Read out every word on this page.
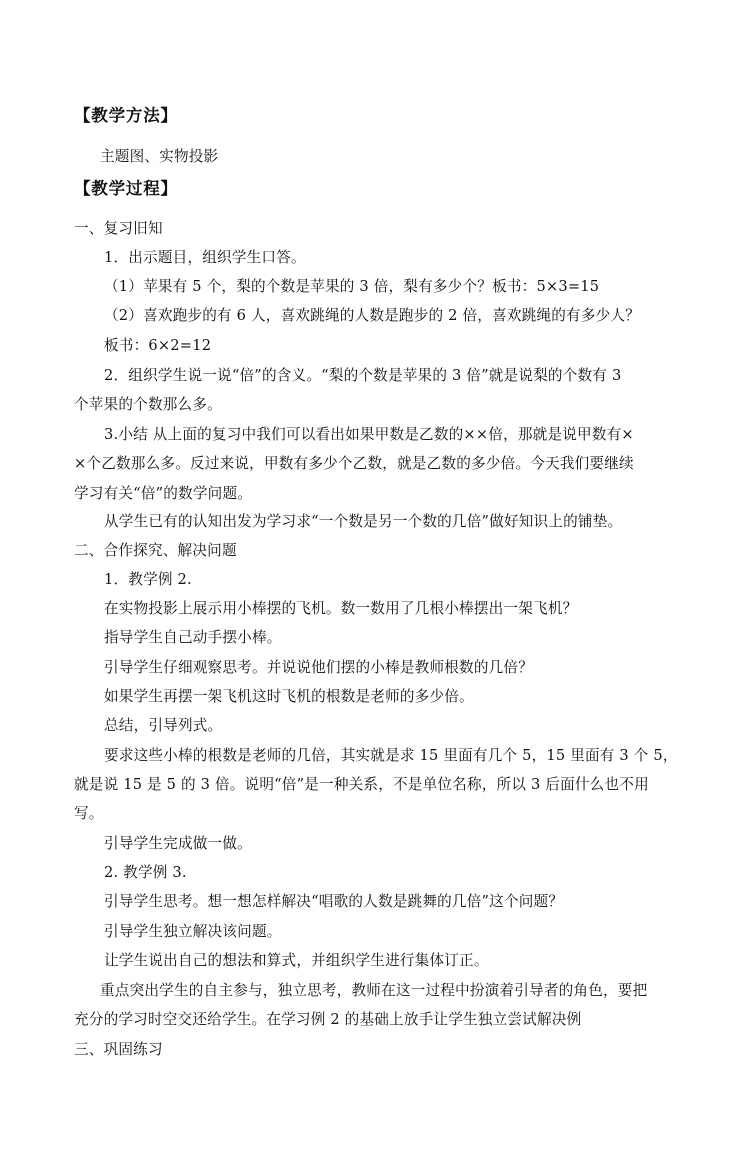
【教学方法】
主题图、实物投影
【教学过程】
一、复习旧知
1．出示题目，组织学生口答。
（1）苹果有 5 个，梨的个数是苹果的 3 倍，梨有多少个？板书：5×3=15
（2）喜欢跑步的有 6 人，喜欢跳绳的人数是跑步的 2 倍，喜欢跳绳的有多少人？
板书：6×2=12
2．组织学生说一说“倍”的含义。“梨的个数是苹果的 3 倍”就是说梨的个数有 3
个苹果的个数那么多。
3.小结 从上面的复习中我们可以看出如果甲数是乙数的××倍，那就是说甲数有×
×个乙数那么多。反过来说，甲数有多少个乙数，就是乙数的多少倍。今天我们要继续
学习有关“倍”的数学问题。
从学生已有的认知出发为学习求“一个数是另一个数的几倍”做好知识上的铺垫。
二、合作探究、解决问题
1．教学例 2.
在实物投影上展示用小棒摆的飞机。数一数用了几根小棒摆出一架飞机？
指导学生自己动手摆小棒。
引导学生仔细观察思考。并说说他们摆的小棒是教师根数的几倍？
如果学生再摆一架飞机这时飞机的根数是老师的多少倍。
总结，引导列式。
要求这些小棒的根数是老师的几倍，其实就是求 15 里面有几个 5，15 里面有 3 个 5，
就是说 15 是 5 的 3 倍。说明“倍”是一种关系，不是单位名称，所以 3 后面什么也不用
写。
引导学生完成做一做。
2. 教学例 3.
引导学生思考。想一想怎样解决“唱歌的人数是跳舞的几倍”这个问题？
引导学生独立解决该问题。
让学生说出自己的想法和算式，并组织学生进行集体订正。
重点突出学生的自主参与，独立思考，教师在这一过程中扮演着引导者的角色，要把
充分的学习时空交还给学生。在学习例 2 的基础上放手让学生独立尝试解决例
三、巩固练习
